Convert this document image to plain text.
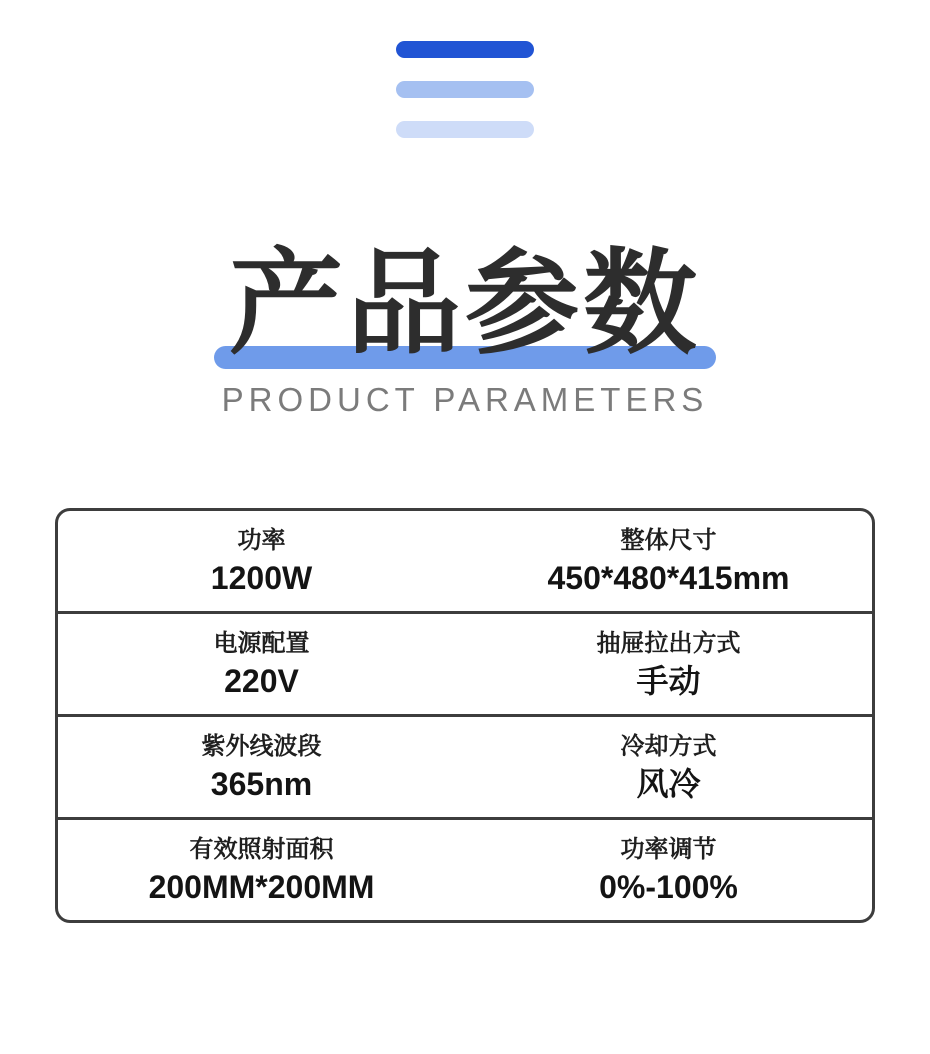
产品参数

PRODUCT PARAMETERS

功率
1200W
整体尺寸
450*480*415mm
电源配置
220V
抽屉拉出方式
手动
紫外线波段
365nm
冷却方式
风冷
有效照射面积
200MM*200MM
功率调节
0%-100%
